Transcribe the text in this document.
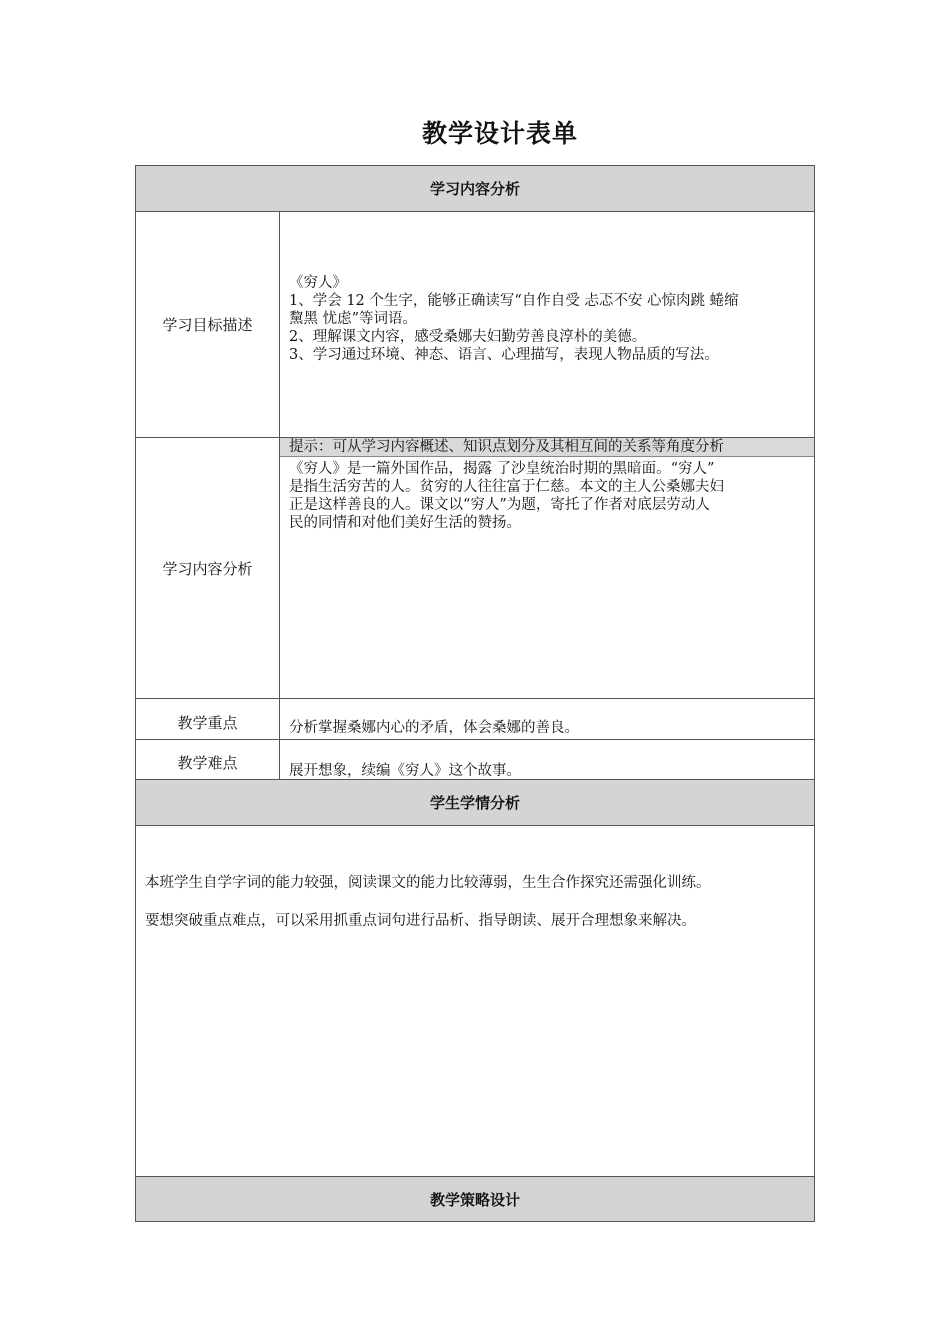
教学设计表单
学习内容分析
学习目标描述
《穷人》
1、学会 12 个生字，能够正确读写“自作自受 忐忑不安 心惊肉跳 蜷缩
黧黑 忧虑”等词语。
2、理解课文内容，感受桑娜夫妇勤劳善良淳朴的美德。
3、学习通过环境、神态、语言、心理描写，表现人物品质的写法。
学习内容分析
提示：可从学习内容概述、知识点划分及其相互间的关系等角度分析
《穷人》是一篇外国作品，揭露 了沙皇统治时期的黑暗面。“穷人”
是指生活穷苦的人。贫穷的人往往富于仁慈。本文的主人公桑娜夫妇
正是这样善良的人。课文以“穷人”为题，寄托了作者对底层劳动人
民的同情和对他们美好生活的赞扬。
教学重点	分析掌握桑娜内心的矛盾，体会桑娜的善良。
教学难点	展开想象，续编《穷人》这个故事。
学生学情分析
本班学生自学字词的能力较强，阅读课文的能力比较薄弱，生生合作探究还需强化训练。
要想突破重点难点，可以采用抓重点词句进行品析、指导朗读、展开合理想象来解决。
教学策略设计
